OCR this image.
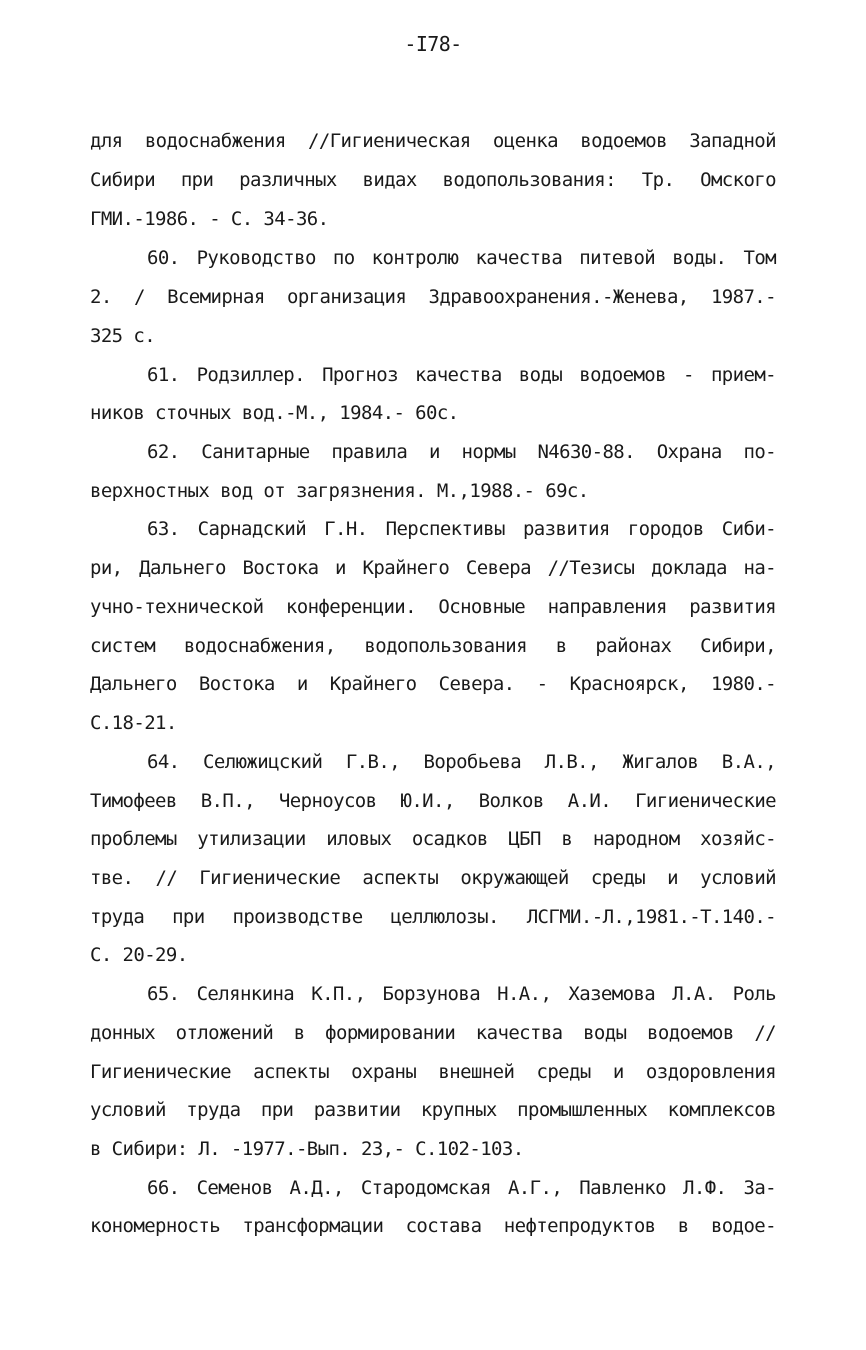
-I78-
для водоснабжения //Гигиеническая оценка водоемов Западной
Сибири при различных видах водопользования: Тр. Омского
ГМИ.-1986. - С. 34-36.
60. Руководство по контролю качества питевой воды. Том
2. / Всемирная организация Здравоохранения.-Женева, 1987.-
325 с.
61. Родзиллер. Прогноз качества воды водоемов - прием-
ников сточных вод.-М., 1984.- 60с.
62. Санитарные правила и нормы N4630-88. Охрана по-
верхностных вод от загрязнения. М.,1988.- 69с.
63. Сарнадский Г.Н. Перспективы развития городов Сиби-
ри, Дальнего Востока и Крайнего Севера //Тезисы доклада на-
учно-технической конференции. Основные направления развития
систем водоснабжения, водопользования в районах Сибири,
Дальнего Востока и Крайнего Севера. - Красноярск, 1980.-
С.18-21.
64. Селюжицский Г.В., Воробьева Л.В., Жигалов В.А.,
Тимофеев В.П., Черноусов Ю.И., Волков А.И. Гигиенические
проблемы утилизации иловых осадков ЦБП в народном хозяйс-
тве. // Гигиенические аспекты окружающей среды и условий
труда при производстве целлюлозы. ЛСГМИ.-Л.,1981.-Т.140.-
С. 20-29.
65. Селянкина К.П., Борзунова Н.А., Хаземова Л.А. Роль
донных отложений в формировании качества воды водоемов //
Гигиенические аспекты охраны внешней среды и оздоровления
условий труда при развитии крупных промышленных комплексов
в Сибири: Л. -1977.-Вып. 23,- С.102-103.
66. Семенов А.Д., Стародомская А.Г., Павленко Л.Ф. За-
кономерность трансформации состава нефтепродуктов в водое-
